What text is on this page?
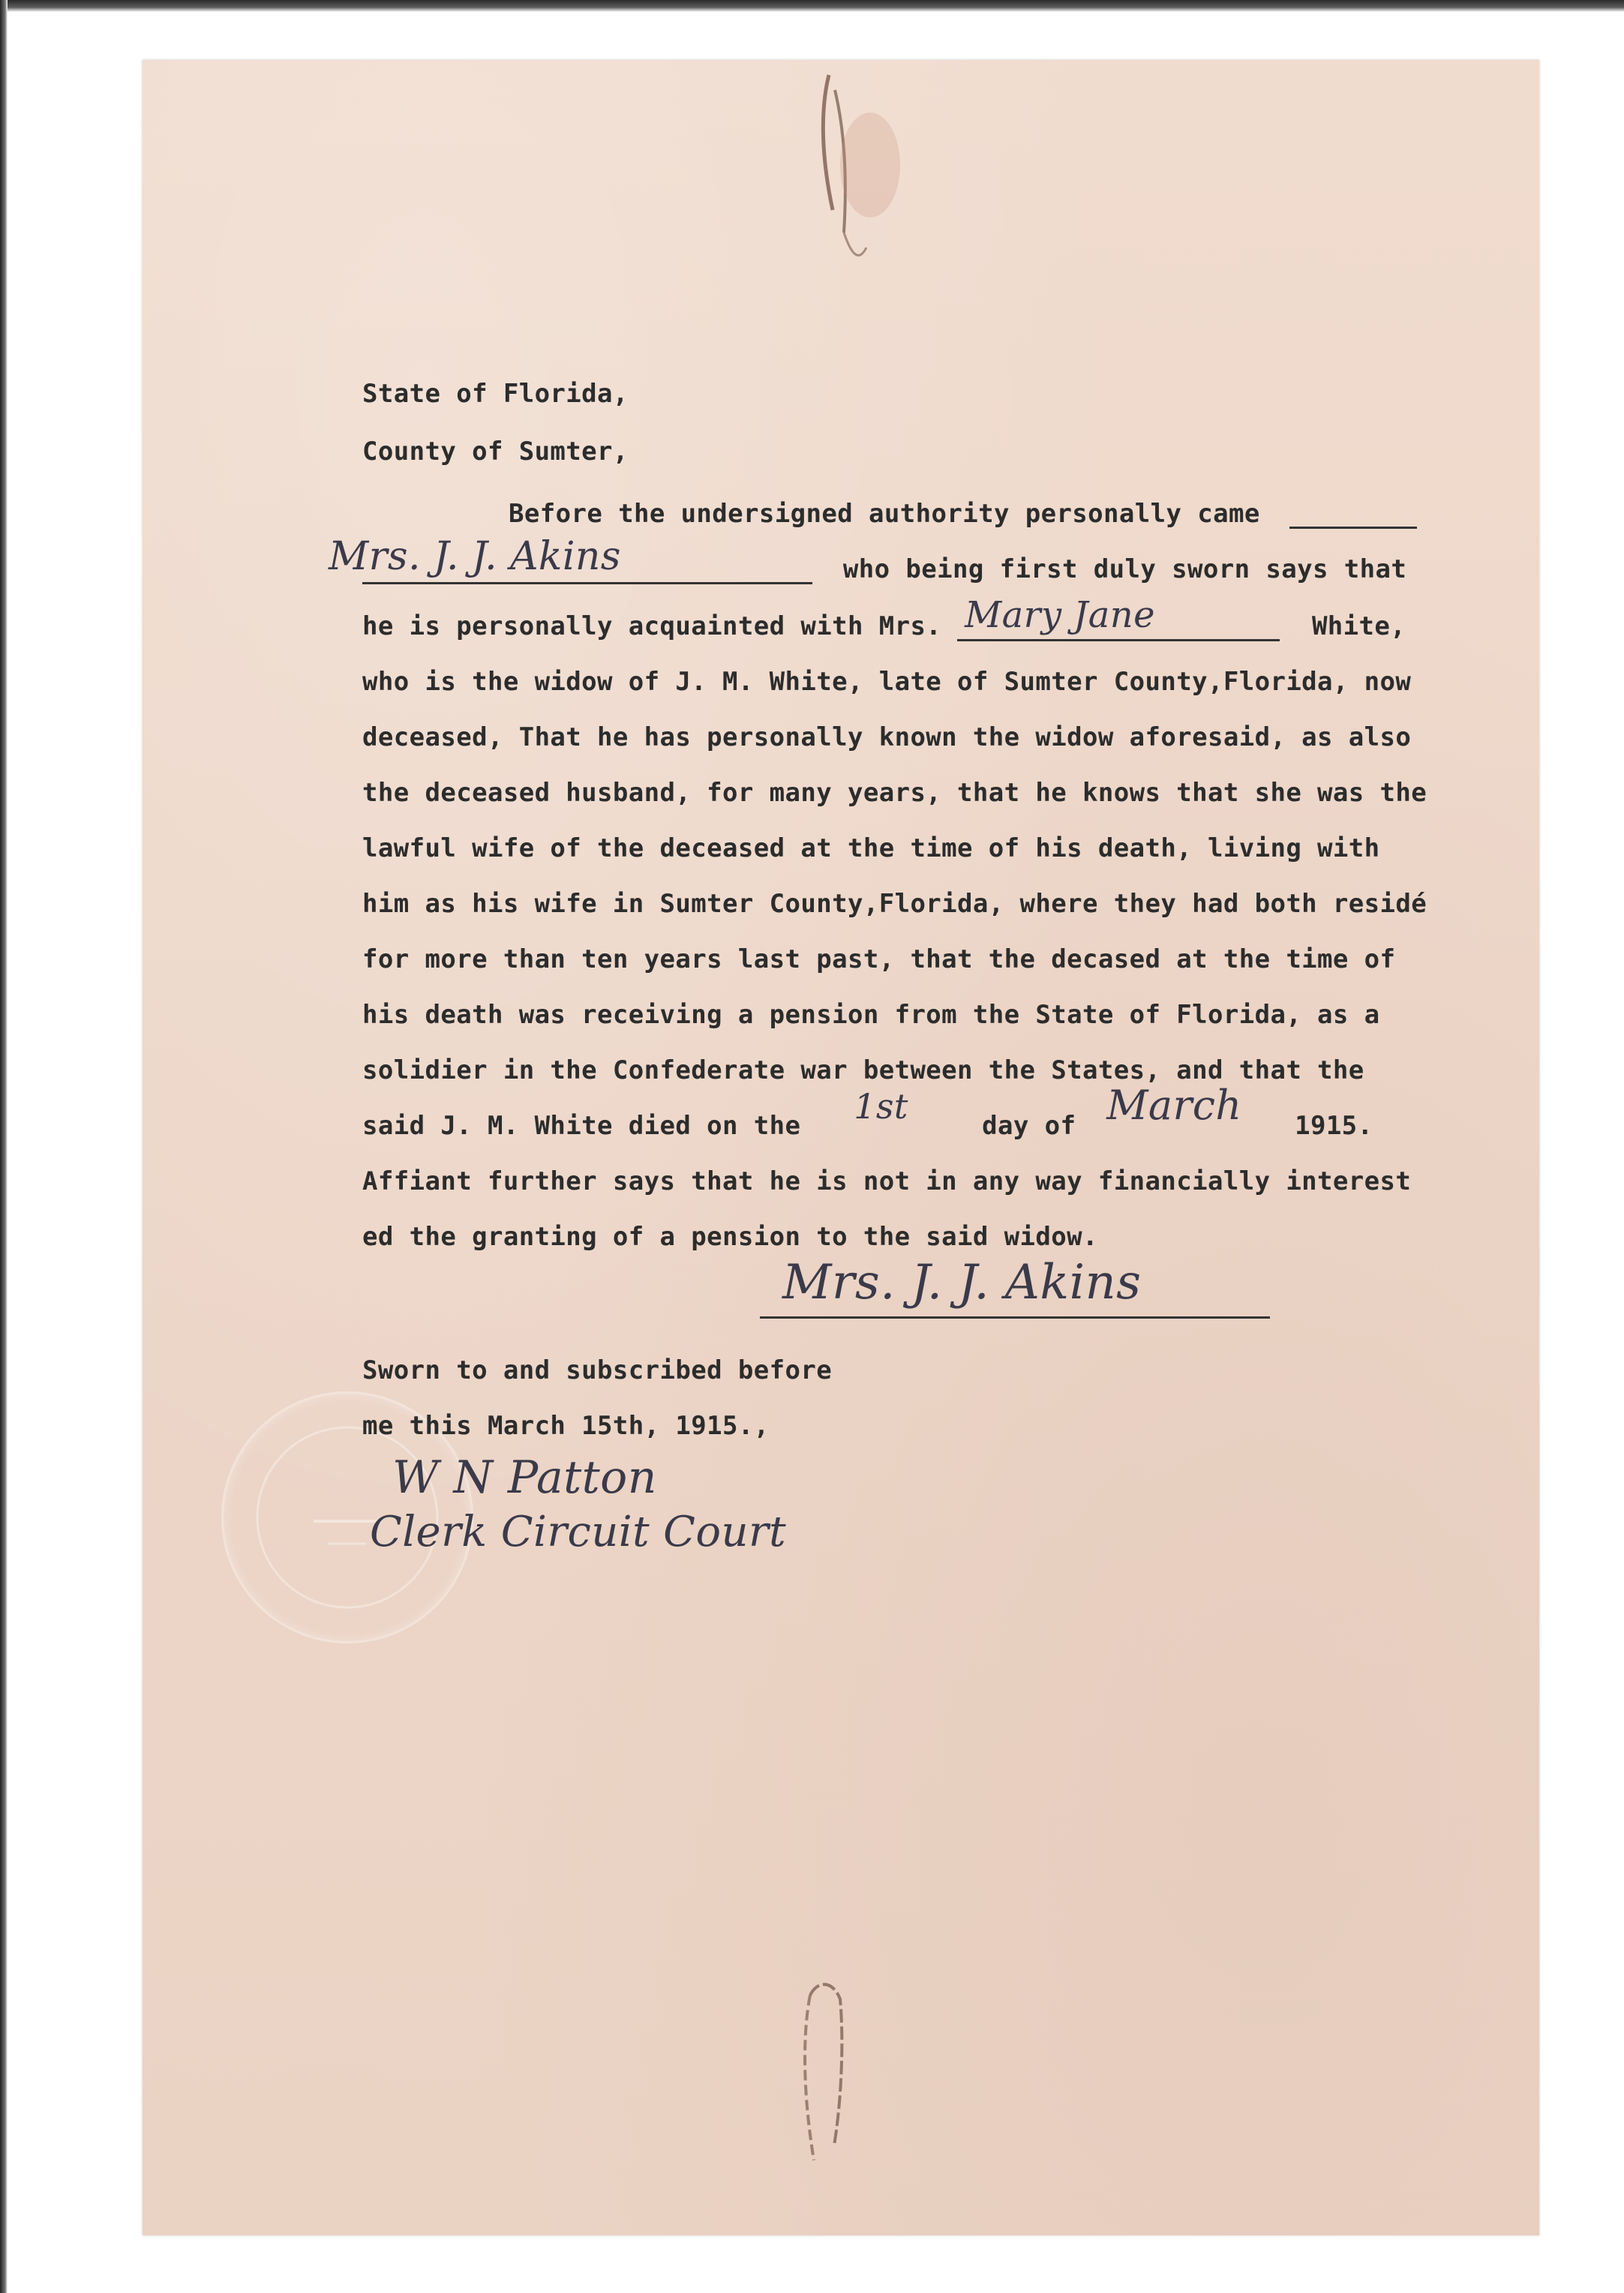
State of Florida,
County of Sumter,
Before the undersigned authority personally came
Mrs. J. J. Akins	who being first duly sworn says that
he is personally acquainted with Mrs. Mary Jane	White,
who is the widow of J. M. White, late of Sumter County,Florida, now
deceased, That he has personally known the widow aforesaid, as also
the deceased husband, for many years, that he knows that she was the
lawful wife of the deceased at the time of his death, living with
him as his wife in Sumter County,Florida, where they had both residé
for more than ten years last past, that the decased at the time of
his death was receiving a pension from the State of Florida, as a
solidier in the Confederate war between the States, and that the
said J. M. White died on the 1st	day of March 1915.
Affiant further says that he is not in any way financially interest
ed the granting of a pension to the said widow.
Mrs. J. J. Akins
Sworn to and subscribed before
me this March 15th, 1915.,
W N Patton
Clerk Circuit Court
